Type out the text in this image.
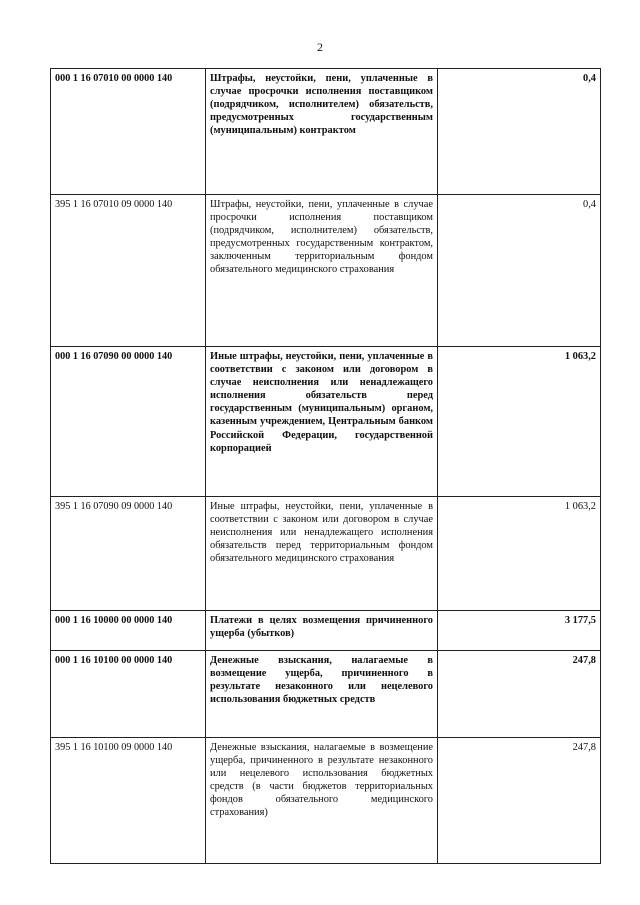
2
000 1 16 07010 00 0000 140	Штрафы, неустойки, пени, уплаченные в случае просрочки исполнения поставщиком (подрядчиком, исполнителем) обязательств, предусмотренных государственным (муниципальным) контрактом	0,4
395 1 16 07010 09 0000 140	Штрафы, неустойки, пени, уплаченные в случае просрочки исполнения поставщиком (подрядчиком, исполнителем) обязательств, предусмотренных государственным контрактом, заключенным территориальным фондом обязательного медицинского страхования	0,4
000 1 16 07090 00 0000 140	Иные штрафы, неустойки, пени, уплаченные в соответствии с законом или договором в случае неисполнения или ненадлежащего исполнения обязательств перед государственным (муниципальным) органом, казенным учреждением, Центральным банком Российской Федерации, государственной корпорацией	1 063,2
395 1 16 07090 09 0000 140	Иные штрафы, неустойки, пени, уплаченные в соответствии с законом или договором в случае неисполнения или ненадлежащего исполнения обязательств перед территориальным фондом обязательного медицинского страхования	1 063,2
000 1 16 10000 00 0000 140	Платежи в целях возмещения причиненного ущерба (убытков)	3 177,5
000 1 16 10100 00 0000 140	Денежные взыскания, налагаемые в возмещение ущерба, причиненного в результате незаконного или нецелевого использования бюджетных средств	247,8
395 1 16 10100 09 0000 140	Денежные взыскания, налагаемые в возмещение ущерба, причиненного в результате незаконного или нецелевого использования бюджетных средств (в части бюджетов территориальных фондов обязательного медицинского страхования)	247,8
